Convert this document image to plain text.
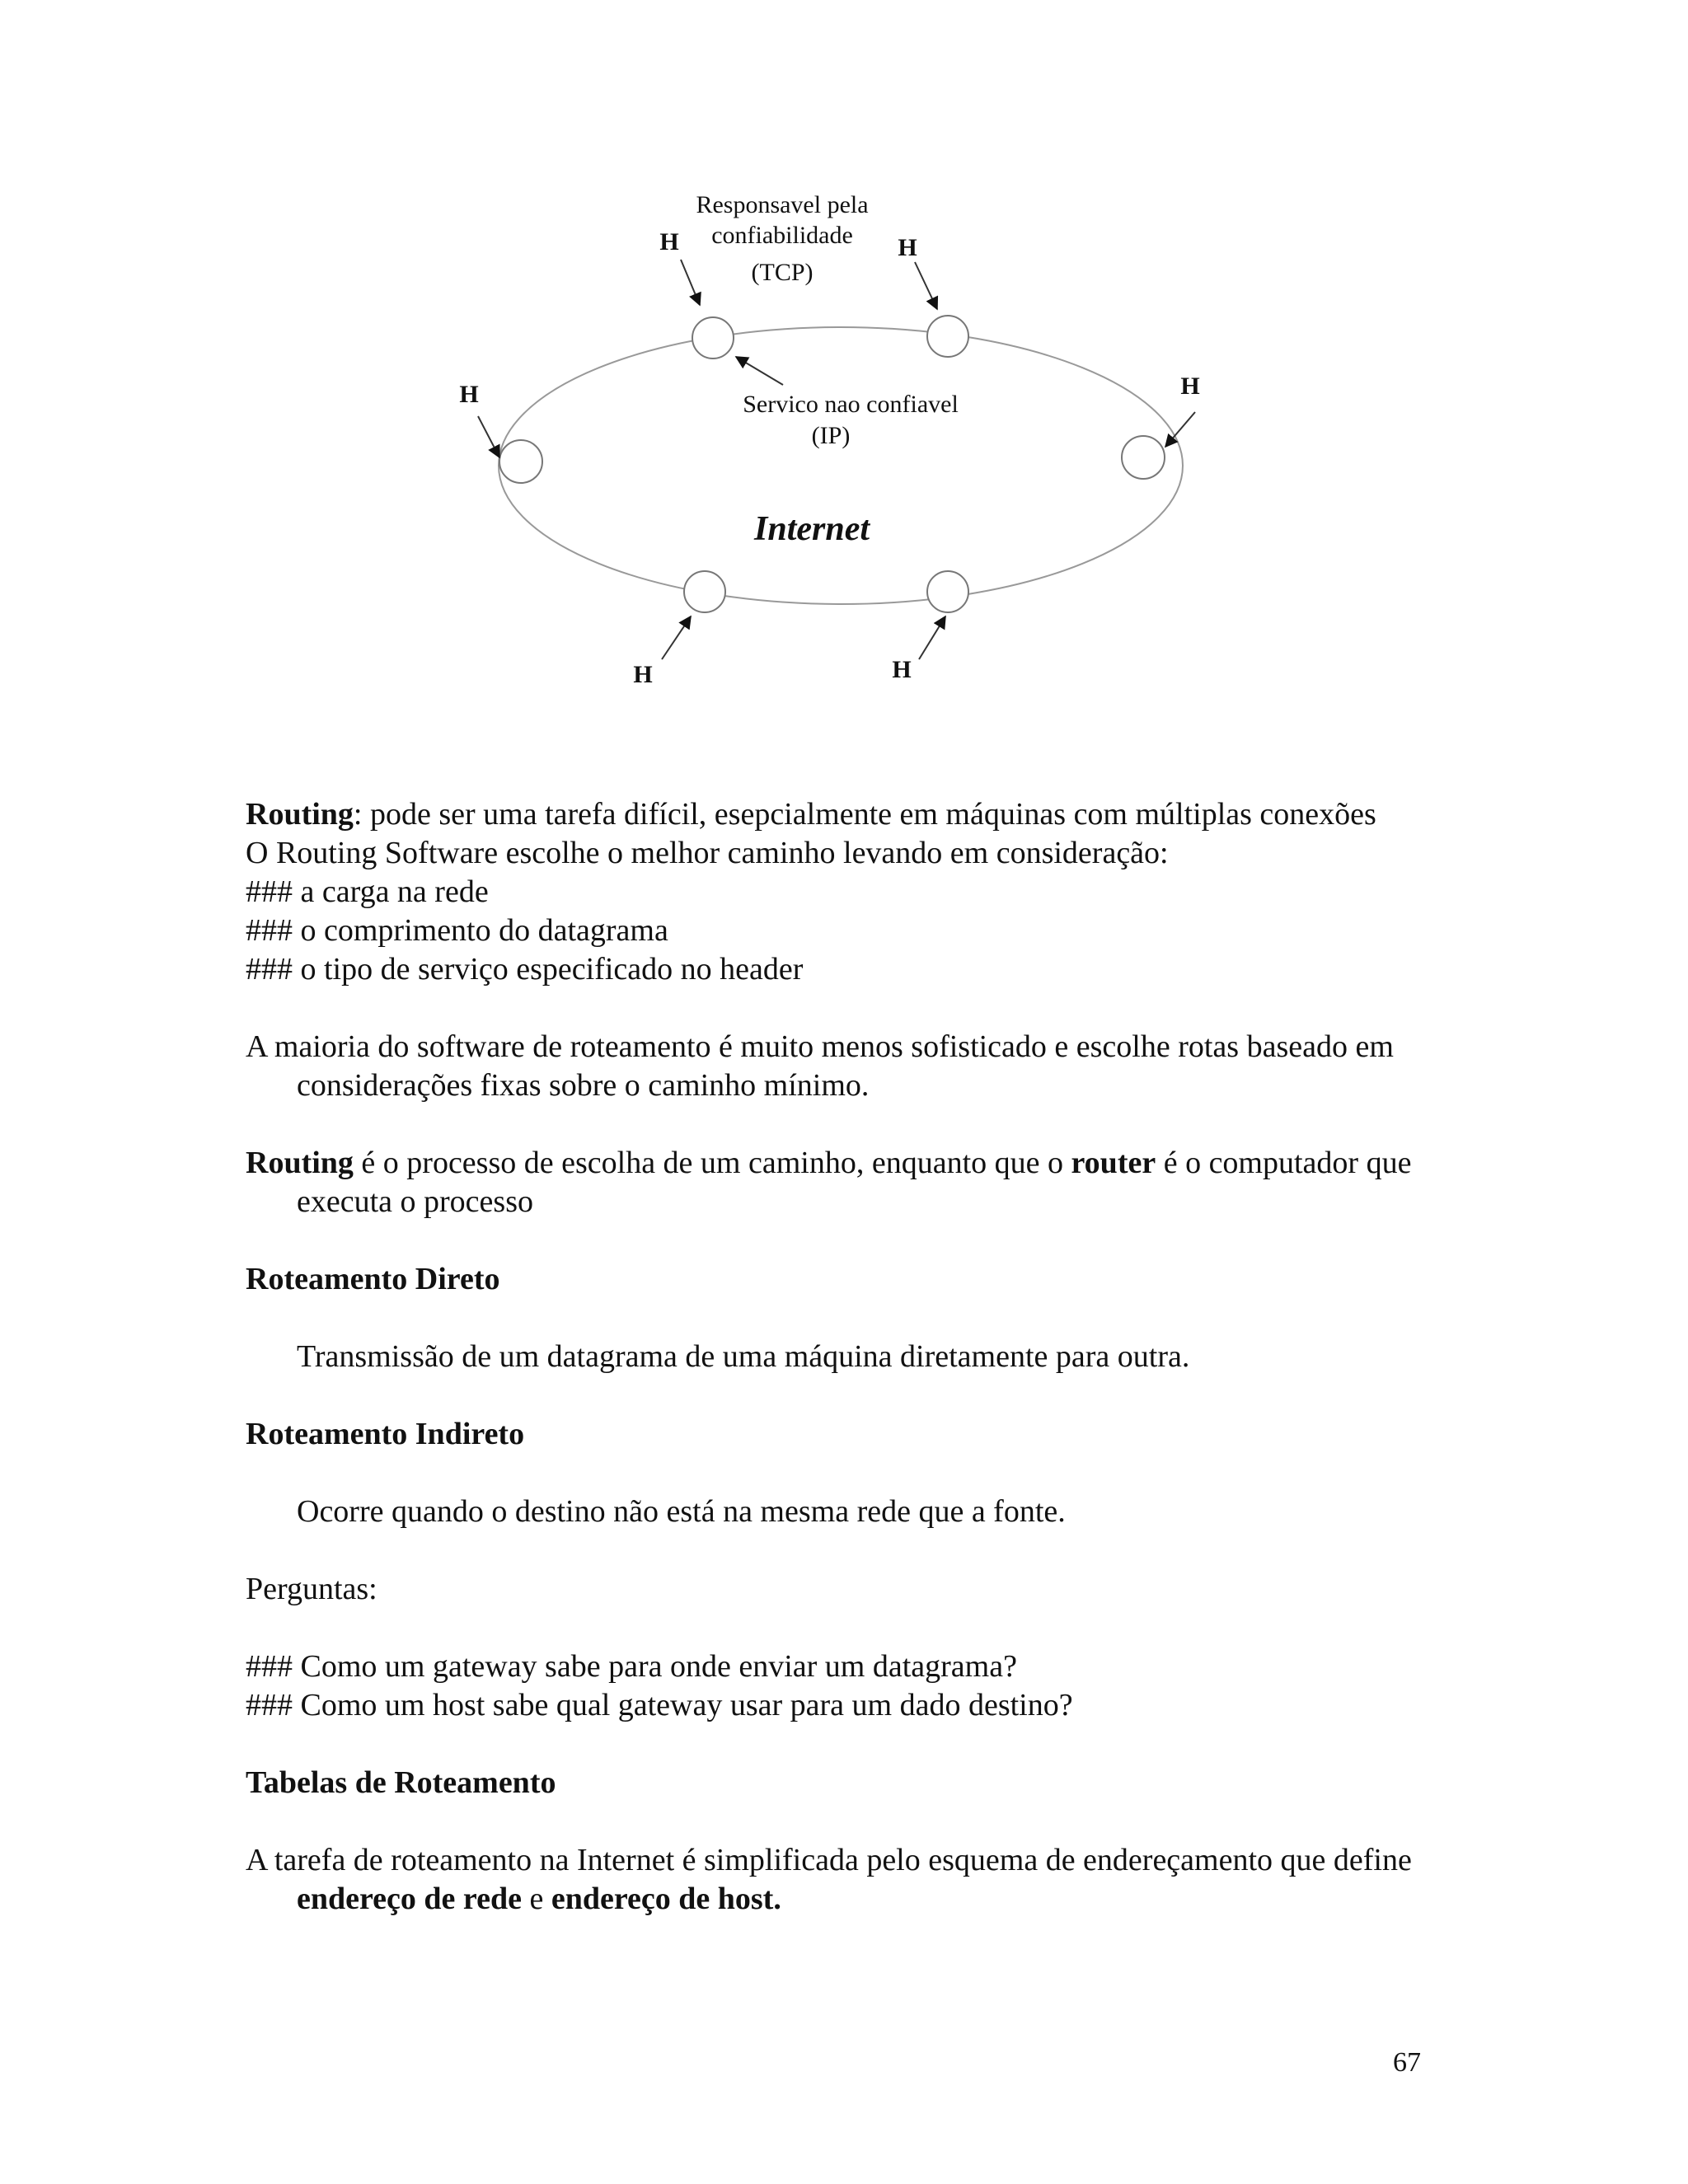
Responsavel pela
confiabilidade
(TCP)
Servico nao confiavel
(IP)
Internet
H	H
H	H
H	H

Routing: pode ser uma tarefa difícil, esepcialmente em máquinas com múltiplas conexões

O Routing Software escolhe o melhor caminho levando em consideração:

### a carga na rede

### o comprimento do datagrama

### o tipo de serviço especificado no header

A maioria do software de roteamento é muito menos sofisticado e escolhe rotas baseado em considerações fixas sobre o caminho mínimo.

Routing é o processo de escolha de um caminho, enquanto que o router é o computador que executa o processo

Roteamento Direto

Transmissão de um datagrama de uma máquina diretamente para outra.

Roteamento Indireto

Ocorre quando o destino não está na mesma rede que a fonte.

Perguntas:

### Como um gateway sabe para onde enviar um datagrama?

### Como um host sabe qual gateway usar para um dado destino?

Tabelas de Roteamento

A tarefa de roteamento na Internet é simplificada pelo esquema de endereçamento que define endereço de rede e endereço de host.

67
